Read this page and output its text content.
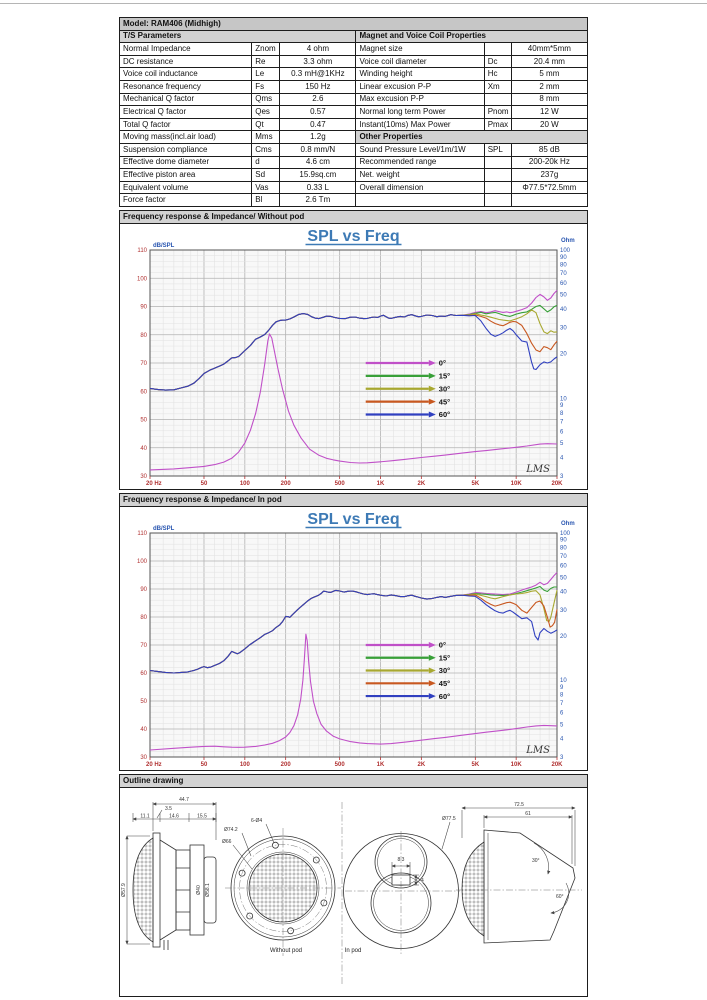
Model: RAM406 (Midhigh)					
T/S Parameters			Magnet and Voice Coil Properties		
Normal Impedance	Znom	4 ohm	Magnet size		40mm*5mm
DC resistance	Re	3.3 ohm	Voice coil diameter	Dc	20.4 mm
Voice coil inductance	Le	0.3 mH@1KHz	Winding height	Hc	5 mm
Resonance frequency	Fs	150 Hz	Linear excusion P-P	Xm	2 mm
Mechanical Q factor	Qms	2.6	Max excusion P-P		8 mm
Electrical Q factor	Qes	0.57	Normal long term Power	Pnom	12 W
Total Q factor	Qt	0.47	Instant(10ms) Max Power	Pmax	20 W
Moving mass(incl.air load)	Mms	1.2g	Other Properties		
Suspension compliance	Cms	0.8 mm/N	Sound Pressure Level/1m/1W	SPL	85 dB
Effective dome diameter	d	4.6 cm	Recommended range		200-20k Hz
Effective piston area	Sd	15.9sq.cm	Net. weight		237g
Equivalent volume	Vas	0.33 L	Overall dimension		Φ77.5*72.5mm
Force factor	Bl	2.6 Tm			
Frequency response & Impedance/ Without pod
SPL vs Freq
dB/SPL
Ohm
110
100
90
80
70
60
50
40
30
100
90
80
70
60
50
40
30
20
10
9
8
7
6
5
4
3
20 Hz	50	100	200	500	1K	2K	5K	10K	20K
0°
15°
30°
45°
60°
LMS
Frequency response & Impedance/ In pod
SPL vs Freq
dB/SPL
Ohm
110
100
90
80
70
60
50
40
30
100
90
80
70
60
50
40
30
20
10
9
8
7
6
5
4
3
20 Hz	50	100	200	500	1K	2K	5K	10K	20K
0°
15°
30°
45°
60°
LMS
Outline drawing
44.7
3.5
11.1	14.6	15.5
Ø57.9	Ø40 Ø58.1
6-Ø4
Ø74.2
Ø66
Without pod
8.3
4
Ø77.5
In pod
72.5
61
30°
60°
